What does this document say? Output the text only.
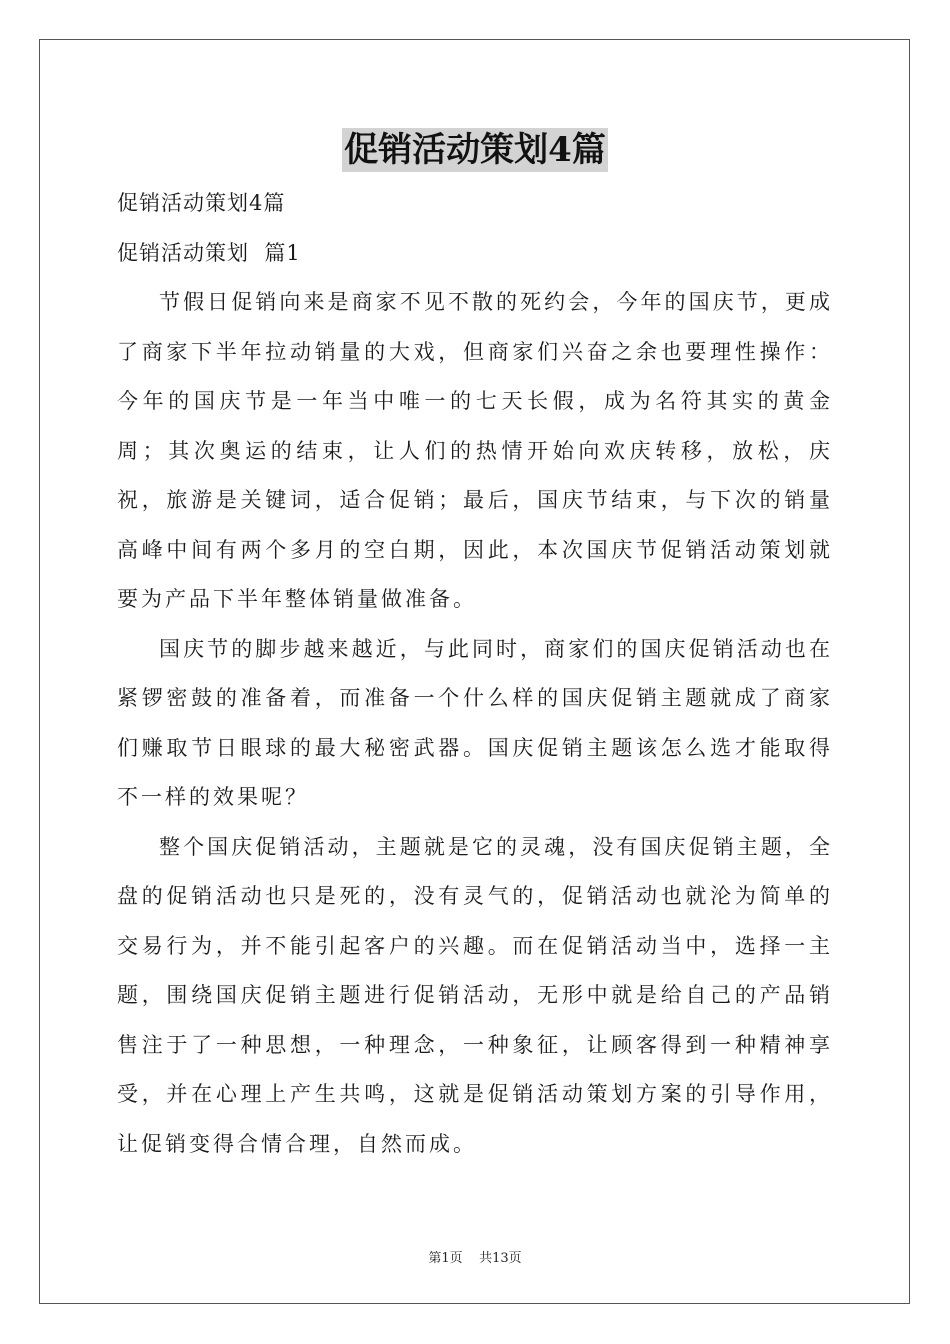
促销活动策划4篇

促销活动策划4篇

促销活动策划  篇1

节假日促销向来是商家不见不散的死约会，今年的国庆节，更成了商家下半年拉动销量的大戏，但商家们兴奋之余也要理性操作：今年的国庆节是一年当中唯一的七天长假，成为名符其实的黄金周；其次奥运的结束，让人们的热情开始向欢庆转移，放松，庆祝，旅游是关键词，适合促销；最后，国庆节结束，与下次的销量高峰中间有两个多月的空白期，因此，本次国庆节促销活动策划就要为产品下半年整体销量做准备。

国庆节的脚步越来越近，与此同时，商家们的国庆促销活动也在紧锣密鼓的准备着，而准备一个什么样的国庆促销主题就成了商家们赚取节日眼球的最大秘密武器。国庆促销主题该怎么选才能取得不一样的效果呢？

整个国庆促销活动，主题就是它的灵魂，没有国庆促销主题，全盘的促销活动也只是死的，没有灵气的，促销活动也就沦为简单的交易行为，并不能引起客户的兴趣。而在促销活动当中，选择一主题，围绕国庆促销主题进行促销活动，无形中就是给自己的产品销售注于了一种思想，一种理念，一种象征，让顾客得到一种精神享受，并在心理上产生共鸣，这就是促销活动策划方案的引导作用，让促销变得合情合理，自然而成。

第1页    共13页
